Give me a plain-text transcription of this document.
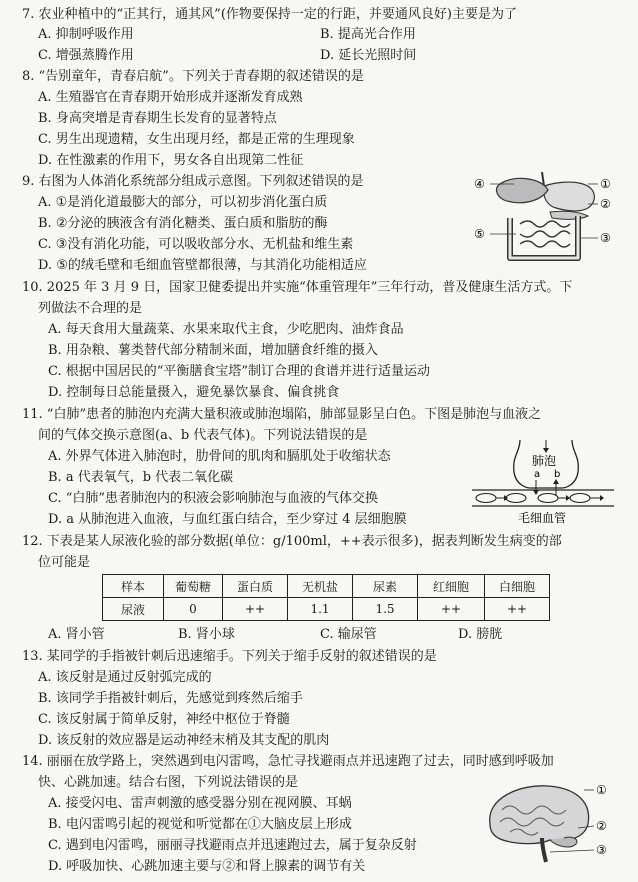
7. 农业种植中的“正其行，通其风”(作物要保持一定的行距，并要通风良好)主要是为了
A. 抑制呼吸作用	B. 提高光合作用
C. 增强蒸腾作用	D. 延长光照时间
8. “告别童年，青春启航”。下列关于青春期的叙述错误的是
A. 生殖器官在青春期开始形成并逐渐发育成熟
B. 身高突增是青春期生长发育的显著特点
C. 男生出现遗精，女生出现月经，都是正常的生理现象
D. 在性激素的作用下，男女各自出现第二性征
9. 右图为人体消化系统部分组成示意图。下列叙述错误的是
A. ①是消化道最膨大的部分，可以初步消化蛋白质
B. ②分泌的胰液含有消化糖类、蛋白质和脂肪的酶
C. ③没有消化功能，可以吸收部分水、无机盐和维生素
D. ⑤的绒毛壁和毛细血管壁都很薄，与其消化功能相适应
④	①
②
⑤	③
10. 2025 年 3 月 9 日，国家卫健委提出并实施“体重管理年”三年行动，普及健康生活方式。下
列做法不合理的是
A. 每天食用大量蔬菜、水果来取代主食，少吃肥肉、油炸食品
B. 用杂粮、薯类替代部分精制米面，增加膳食纤维的摄入
C. 根据中国居民的“平衡膳食宝塔”制订合理的食谱并进行适量运动
D. 控制每日总能量摄入，避免暴饮暴食、偏食挑食
11. “白肺”患者的肺泡内充满大量积液或肺泡塌陷，肺部显影呈白色。下图是肺泡与血液之
间的气体交换示意图(a、b 代表气体)。下列说法错误的是
A. 外界气体进入肺泡时，肋骨间的肌肉和膈肌处于收缩状态
B. a 代表氧气，b 代表二氧化碳
C. “白肺”患者肺泡内的积液会影响肺泡与血液的气体交换
D. a 从肺泡进入血液，与血红蛋白结合，至少穿过 4 层细胞膜
肺泡
a b
毛细血管
12. 下表是某人尿液化验的部分数据(单位：g/100ml，++表示很多)，据表判断发生病变的部
位可能是
样本	葡萄糖	蛋白质	无机盐	尿素	红细胞	白细胞
尿液	0	++	1.1	1.5	++	++
A. 肾小管	B. 肾小球	C. 输尿管	D. 膀胱
13. 某同学的手指被针刺后迅速缩手。下列关于缩手反射的叙述错误的是
A. 该反射是通过反射弧完成的
B. 该同学手指被针刺后，先感觉到疼然后缩手
C. 该反射属于简单反射，神经中枢位于脊髓
D. 该反射的效应器是运动神经末梢及其支配的肌肉
14. 丽丽在放学路上，突然遇到电闪雷鸣，急忙寻找避雨点并迅速跑了过去，同时感到呼吸加
快、心跳加速。结合右图，下列说法错误的是
A. 接受闪电、雷声刺激的感受器分别在视网膜、耳蜗
B. 电闪雷鸣引起的视觉和听觉都在①大脑皮层上形成
C. 遇到电闪雷鸣，丽丽寻找避雨点并迅速跑过去，属于复杂反射
D. 呼吸加快、心跳加速主要与②和肾上腺素的调节有关
①
②
③
